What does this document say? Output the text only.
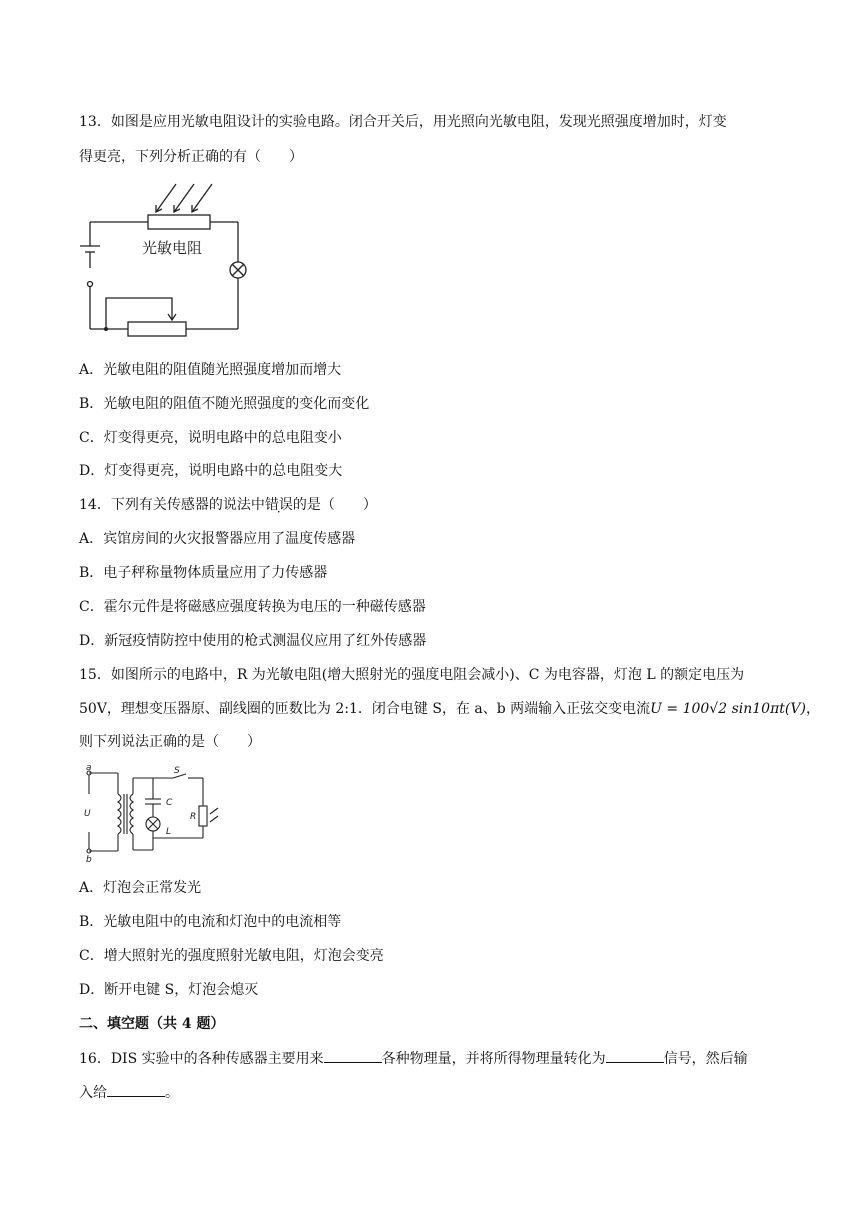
13．如图是应用光敏电阻设计的实验电路。闭合开关后，用光照向光敏电阻，发现光照强度增加时，灯变
得更亮，下列分析正确的有（　　）
光敏电阻
A．光敏电阻的阻值随光照强度增加而增大
B．光敏电阻的阻值不随光照强度的变化而变化
C．灯变得更亮，说明电路中的总电阻变小
D．灯变得更亮，说明电路中的总电阻变大
14．下列有关传感器的说法中错误的是（　　）
A．宾馆房间的火灾报警器应用了温度传感器
B．电子秤称量物体质量应用了力传感器
C．霍尔元件是将磁感应强度转换为电压的一种磁传感器
D．新冠疫情防控中使用的枪式测温仪应用了红外传感器
15．如图所示的电路中，R 为光敏电阻(增大照射光的强度电阻会减小)、C 为电容器，灯泡 L 的额定电压为
50V，理想变压器原、副线圈的匝数比为 2:1．闭合电键 S，在 a、b 两端输入正弦交变电流U = 100√2 sin10πt(V)，
则下列说法正确的是（　　）
a
b
U
S
C
R
L
A．灯泡会正常发光
B．光敏电阻中的电流和灯泡中的电流相等
C．增大照射光的强度照射光敏电阻，灯泡会变亮
D．断开电键 S，灯泡会熄灭
二、填空题（共 4 题）
16．DIS 实验中的各种传感器主要用来	各种物理量，并将所得物理量转化为	信号，然后输
入给	。
